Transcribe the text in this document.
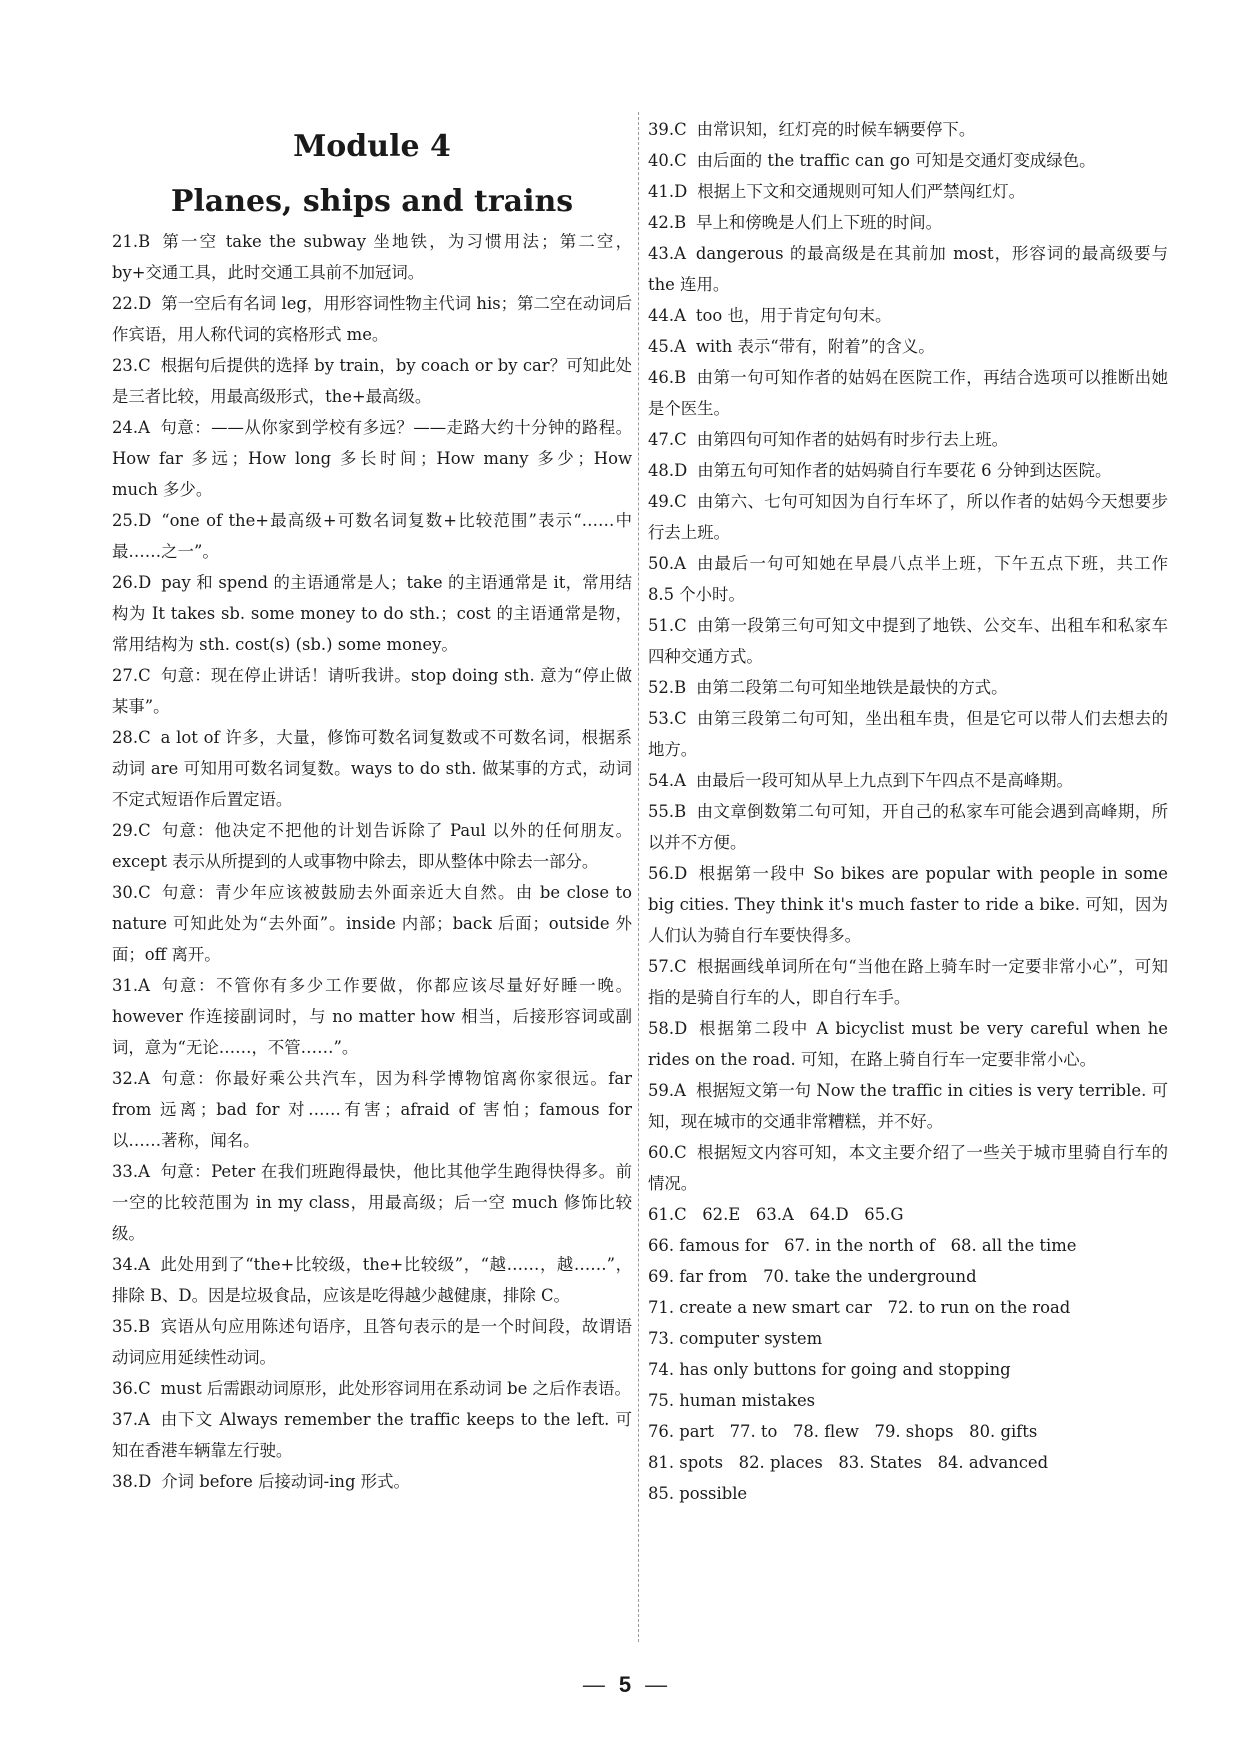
Module 4
Planes, ships and trains

21.B 第一空 take the subway 坐地铁，为习惯用法；第二空，by+交通工具，此时交通工具前不加冠词。

22.D 第一空后有名词 leg，用形容词性物主代词 his；第二空在动词后作宾语，用人称代词的宾格形式 me。

23.C 根据句后提供的选择 by train，by coach or by car？可知此处是三者比较，用最高级形式，the+最高级。

24.A 句意：——从你家到学校有多远？——走路大约十分钟的路程。How far 多远；How long 多长时间；How many 多少；How much 多少。

25.D “one of the+最高级+可数名词复数+比较范围”表示“……中最……之一”。

26.D pay 和 spend 的主语通常是人；take 的主语通常是 it，常用结构为 It takes sb. some money to do sth.；cost 的主语通常是物，常用结构为 sth. cost(s) (sb.) some money。

27.C 句意：现在停止讲话！请听我讲。stop doing sth. 意为“停止做某事”。

28.C a lot of 许多，大量，修饰可数名词复数或不可数名词，根据系动词 are 可知用可数名词复数。ways to do sth. 做某事的方式，动词不定式短语作后置定语。

29.C 句意：他决定不把他的计划告诉除了 Paul 以外的任何朋友。except 表示从所提到的人或事物中除去，即从整体中除去一部分。

30.C 句意：青少年应该被鼓励去外面亲近大自然。由 be close to nature 可知此处为“去外面”。inside 内部；back 后面；outside 外面；off 离开。

31.A 句意：不管你有多少工作要做，你都应该尽量好好睡一晚。however 作连接副词时，与 no matter how 相当，后接形容词或副词，意为“无论……，不管……”。

32.A 句意：你最好乘公共汽车，因为科学博物馆离你家很远。far from 远离；bad for 对……有害；afraid of 害怕；famous for 以……著称，闻名。

33.A 句意：Peter 在我们班跑得最快，他比其他学生跑得快得多。前一空的比较范围为 in my class，用最高级；后一空 much 修饰比较级。

34.A 此处用到了“the+比较级，the+比较级”，“越……，越……”，排除 B、D。因是垃圾食品，应该是吃得越少越健康，排除 C。

35.B 宾语从句应用陈述句语序，且答句表示的是一个时间段，故谓语动词应用延续性动词。

36.C must 后需跟动词原形，此处形容词用在系动词 be 之后作表语。

37.A 由下文 Always remember the traffic keeps to the left. 可知在香港车辆靠左行驶。

38.D 介词 before 后接动词-ing 形式。

39.C 由常识知，红灯亮的时候车辆要停下。

40.C 由后面的 the traffic can go 可知是交通灯变成绿色。

41.D 根据上下文和交通规则可知人们严禁闯红灯。

42.B 早上和傍晚是人们上下班的时间。

43.A dangerous 的最高级是在其前加 most，形容词的最高级要与 the 连用。

44.A too 也，用于肯定句句末。

45.A with 表示“带有，附着”的含义。

46.B 由第一句可知作者的姑妈在医院工作，再结合选项可以推断出她是个医生。

47.C 由第四句可知作者的姑妈有时步行去上班。

48.D 由第五句可知作者的姑妈骑自行车要花 6 分钟到达医院。

49.C 由第六、七句可知因为自行车坏了，所以作者的姑妈今天想要步行去上班。

50.A 由最后一句可知她在早晨八点半上班，下午五点下班，共工作 8.5 个小时。

51.C 由第一段第三句可知文中提到了地铁、公交车、出租车和私家车四种交通方式。

52.B 由第二段第二句可知坐地铁是最快的方式。

53.C 由第三段第二句可知，坐出租车贵，但是它可以带人们去想去的地方。

54.A 由最后一段可知从早上九点到下午四点不是高峰期。

55.B 由文章倒数第二句可知，开自己的私家车可能会遇到高峰期，所以并不方便。

56.D 根据第一段中 So bikes are popular with people in some big cities. They think it's much faster to ride a bike. 可知，因为人们认为骑自行车要快得多。

57.C 根据画线单词所在句“当他在路上骑车时一定要非常小心”，可知指的是骑自行车的人，即自行车手。

58.D 根据第二段中 A bicyclist must be very careful when he rides on the road. 可知，在路上骑自行车一定要非常小心。

59.A 根据短文第一句 Now the traffic in cities is very terrible. 可知，现在城市的交通非常糟糕，并不好。

60.C 根据短文内容可知，本文主要介绍了一些关于城市里骑自行车的情况。

61.C   62.E   63.A   64.D   65.G

66. famous for   67. in the north of   68. all the time

69. far from   70. take the underground

71. create a new smart car   72. to run on the road

73. computer system

74. has only buttons for going and stopping

75. human mistakes

76. part   77. to   78. flew   79. shops   80. gifts

81. spots   82. places   83. States   84. advanced

85. possible

— 5 —
